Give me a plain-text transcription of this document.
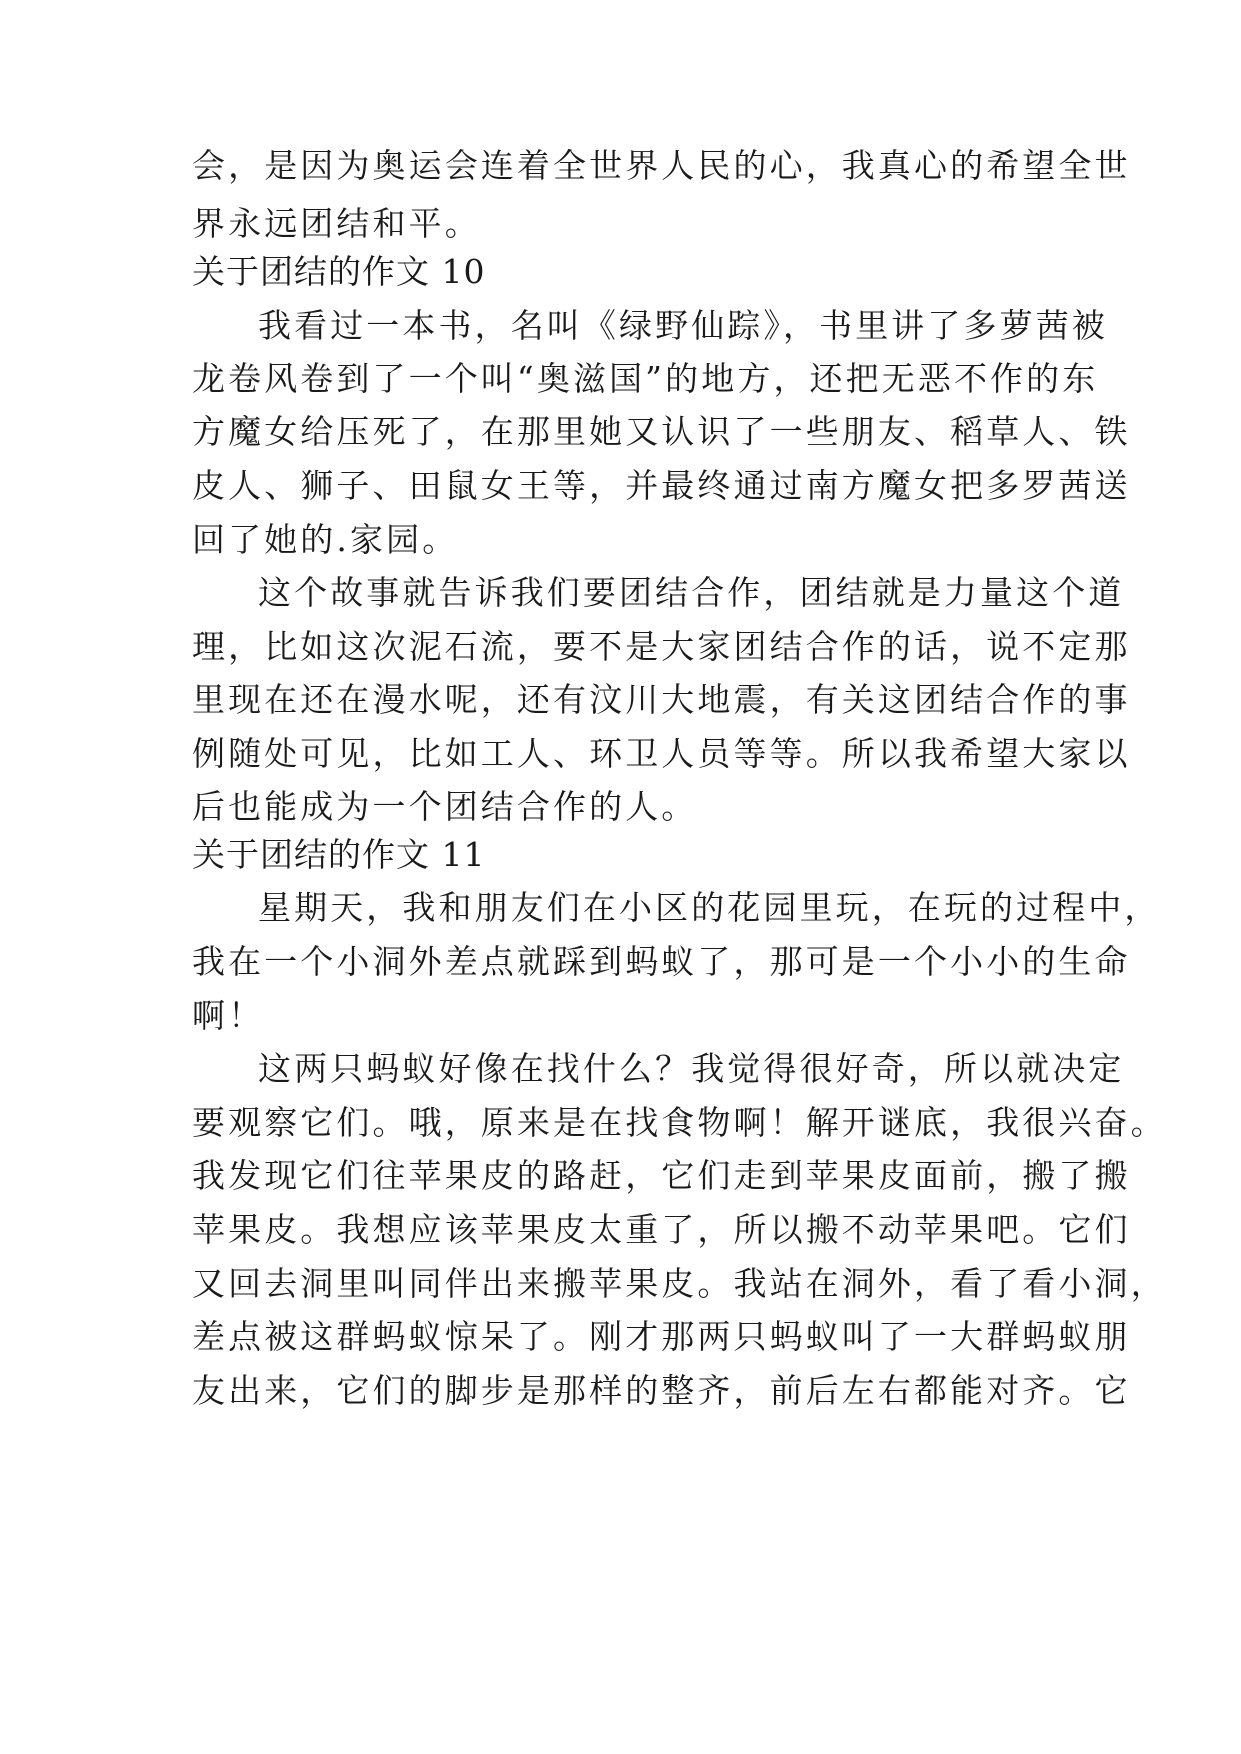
会，是因为奥运会连着全世界人民的心，我真心的希望全世
界永远团结和平。
关于团结的作文 10
我看过一本书，名叫《绿野仙踪》，书里讲了多萝茜被
龙卷风卷到了一个叫“奥滋国”的地方，还把无恶不作的东
方魔女给压死了，在那里她又认识了一些朋友、稻草人、铁
皮人、狮子、田鼠女王等，并最终通过南方魔女把多罗茜送
回了她的.家园。
这个故事就告诉我们要团结合作，团结就是力量这个道
理，比如这次泥石流，要不是大家团结合作的话，说不定那
里现在还在漫水呢，还有汶川大地震，有关这团结合作的事
例随处可见，比如工人、环卫人员等等。所以我希望大家以
后也能成为一个团结合作的人。
关于团结的作文 11
星期天，我和朋友们在小区的花园里玩，在玩的过程中，
我在一个小洞外差点就踩到蚂蚁了，那可是一个小小的生命
啊！
这两只蚂蚁好像在找什么？我觉得很好奇，所以就决定
要观察它们。哦，原来是在找食物啊！解开谜底，我很兴奋。
我发现它们往苹果皮的路赶，它们走到苹果皮面前，搬了搬
苹果皮。我想应该苹果皮太重了，所以搬不动苹果吧。它们
又回去洞里叫同伴出来搬苹果皮。我站在洞外，看了看小洞，
差点被这群蚂蚁惊呆了。刚才那两只蚂蚁叫了一大群蚂蚁朋
友出来，它们的脚步是那样的整齐，前后左右都能对齐。它
